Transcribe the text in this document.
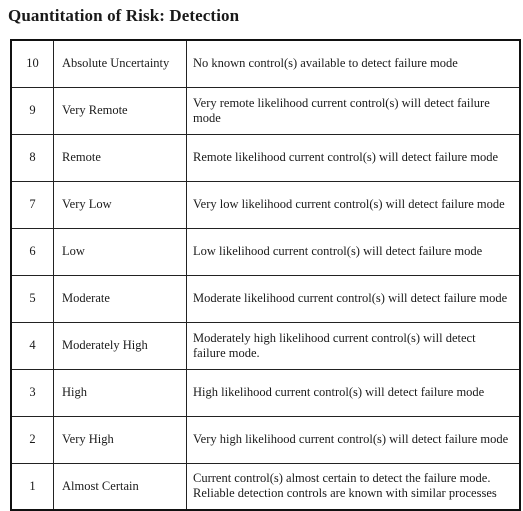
Quantitation of Risk: Detection
10	Absolute Uncertainty	No known control(s) available to detect failure mode
9	Very Remote	Very remote likelihood current control(s) will detect failure mode
8	Remote	Remote likelihood current control(s) will detect failure mode
7	Very Low	Very low likelihood current control(s) will detect failure mode
6	Low	Low likelihood current control(s) will detect failure mode
5	Moderate	Moderate likelihood current control(s) will detect failure mode
4	Moderately High	Moderately high likelihood current control(s) will detect failure mode.
3	High	High likelihood current control(s) will detect failure mode
2	Very High	Very high likelihood current control(s) will detect failure mode
1	Almost Certain	Current control(s) almost certain to detect the failure mode. Reliable detection controls are known with similar processes
